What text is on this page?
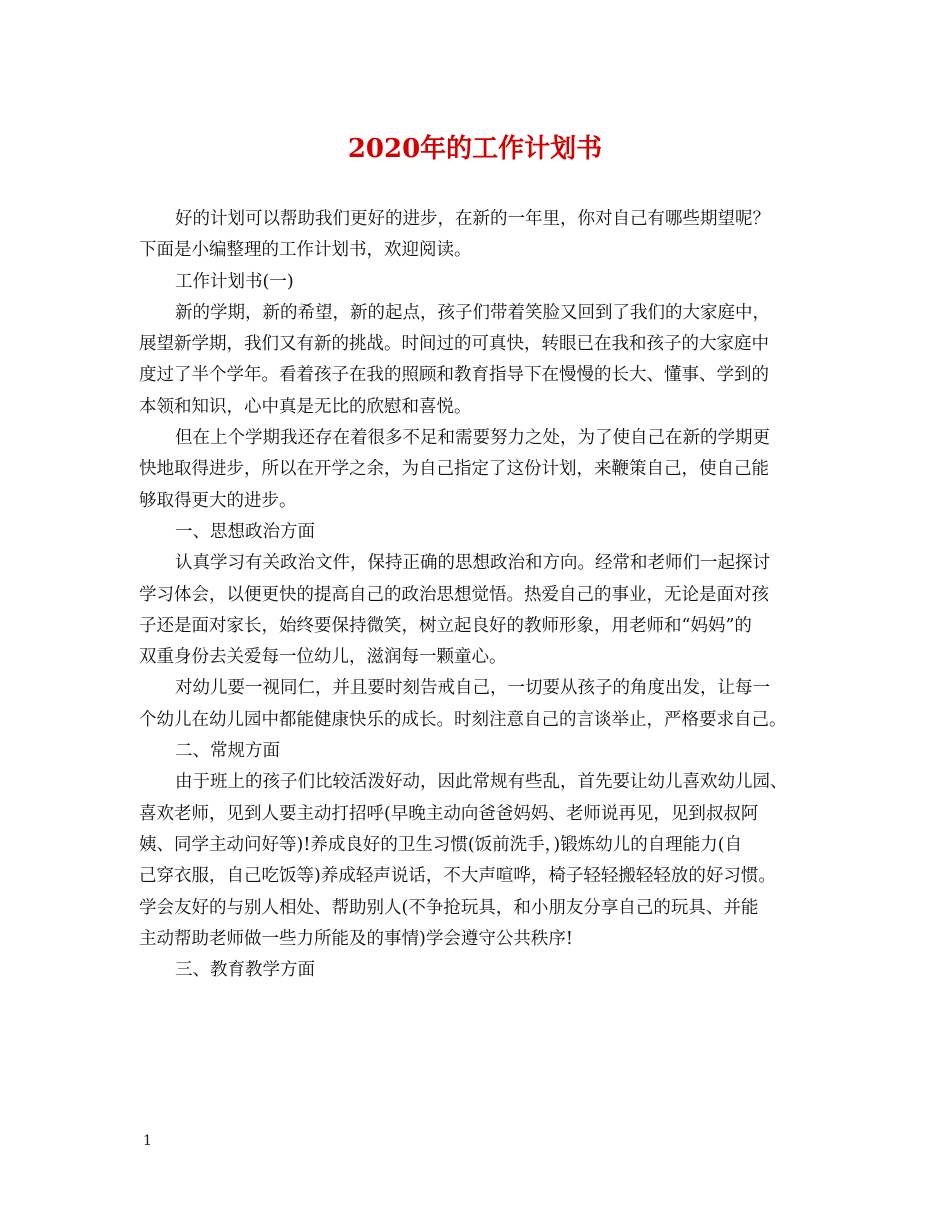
2020年的工作计划书
好的计划可以帮助我们更好的进步，在新的一年里，你对自己有哪些期望呢？
下面是小编整理的工作计划书，欢迎阅读。
工作计划书(一)
新的学期，新的希望，新的起点，孩子们带着笑脸又回到了我们的大家庭中，
展望新学期，我们又有新的挑战。时间过的可真快，转眼已在我和孩子的大家庭中
度过了半个学年。看着孩子在我的照顾和教育指导下在慢慢的长大、懂事、学到的
本领和知识，心中真是无比的欣慰和喜悦。
但在上个学期我还存在着很多不足和需要努力之处，为了使自己在新的学期更
快地取得进步，所以在开学之余，为自己指定了这份计划，来鞭策自己，使自己能
够取得更大的进步。
一、思想政治方面
认真学习有关政治文件，保持正确的思想政治和方向。经常和老师们一起探讨
学习体会，以便更快的提高自己的政治思想觉悟。热爱自己的事业，无论是面对孩
子还是面对家长，始终要保持微笑，树立起良好的教师形象，用老师和“妈妈”的
双重身份去关爱每一位幼儿，滋润每一颗童心。
对幼儿要一视同仁，并且要时刻告戒自己，一切要从孩子的角度出发，让每一
个幼儿在幼儿园中都能健康快乐的成长。时刻注意自己的言谈举止，严格要求自己。
二、常规方面
由于班上的孩子们比较活泼好动，因此常规有些乱，首先要让幼儿喜欢幼儿园、
喜欢老师，见到人要主动打招呼(早晚主动向爸爸妈妈、老师说再见，见到叔叔阿
姨、同学主动问好等)!养成良好的卫生习惯(饭前洗手，)锻炼幼儿的自理能力(自
己穿衣服，自己吃饭等)养成轻声说话，不大声喧哗，椅子轻轻搬轻轻放的好习惯。
学会友好的与别人相处、帮助别人(不争抢玩具，和小朋友分享自己的玩具、并能
主动帮助老师做一些力所能及的事情)学会遵守公共秩序!
三、教育教学方面
1
